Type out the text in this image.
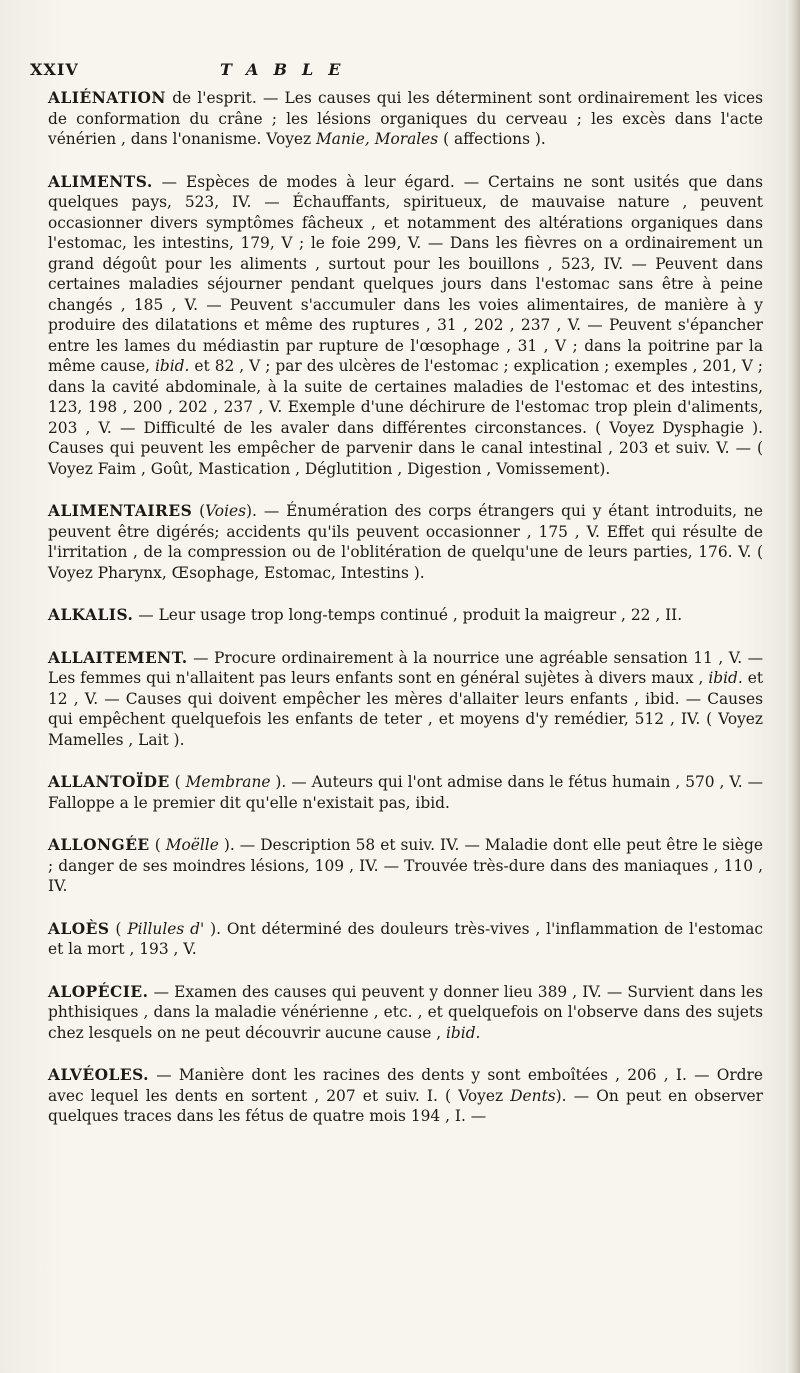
XXIV	TABLE

ALIÉNATION de l'esprit. — Les causes qui les déterminent sont ordinairement les vices de conformation du crâne ; les lésions organiques du cerveau ; les excès dans l'acte vénérien , dans l'onanisme. Voyez Manie, Morales ( affections ).

ALIMENTS. — Espèces de modes à leur égard. — Certains ne sont usités que dans quelques pays, 523, IV. — Échauffants, spiritueux, de mauvaise nature , peuvent occasionner divers symptômes fâcheux , et notamment des altérations organiques dans l'estomac, les intestins, 179, V ; le foie 299, V. — Dans les fièvres on a ordinairement un grand dégoût pour les aliments , surtout pour les bouillons , 523, IV. — Peuvent dans certaines maladies séjourner pendant quelques jours dans l'estomac sans être à peine changés , 185 , V. — Peuvent s'accumuler dans les voies alimentaires, de manière à y produire des dilatations et même des ruptures , 31 , 202 , 237 , V. — Peuvent s'épancher entre les lames du médiastin par rupture de l'œsophage , 31 , V ; dans la poitrine par la même cause, ibid. et 82 , V ; par des ulcères de l'estomac ; explication ; exemples , 201, V ; dans la cavité abdominale, à la suite de certaines maladies de l'estomac et des intestins, 123, 198 , 200 , 202 , 237 , V. Exemple d'une déchirure de l'estomac trop plein d'aliments, 203 , V. — Difficulté de les avaler dans différentes circonstances. ( Voyez Dysphagie ). Causes qui peuvent les empêcher de parvenir dans le canal intestinal , 203 et suiv. V. — ( Voyez Faim , Goût, Mastication , Déglutition , Digestion , Vomissement).

ALIMENTAIRES (Voies). — Énumération des corps étrangers qui y étant introduits, ne peuvent être digérés; accidents qu'ils peuvent occasionner , 175 , V. Effet qui résulte de l'irritation , de la compression ou de l'oblitération de quelqu'une de leurs parties, 176. V. ( Voyez Pharynx, Œsophage, Estomac, Intestins ).

ALKALIS. — Leur usage trop long-temps continué , produit la maigreur , 22 , II.

ALLAITEMENT. — Procure ordinairement à la nourrice une agréable sensation 11 , V. — Les femmes qui n'allaitent pas leurs enfants sont en général sujètes à divers maux , ibid. et 12 , V. — Causes qui doivent empêcher les mères d'allaiter leurs enfants , ibid. — Causes qui empêchent quelquefois les enfants de teter , et moyens d'y remédier, 512 , IV. ( Voyez Mamelles , Lait ).

ALLANTOÏDE ( Membrane ). — Auteurs qui l'ont admise dans le fétus humain , 570 , V. — Falloppe a le premier dit qu'elle n'existait pas, ibid.

ALLONGÉE ( Moëlle ). — Description 58 et suiv. IV. — Maladie dont elle peut être le siège ; danger de ses moindres lésions, 109 , IV. — Trouvée très-dure dans des maniaques , 110 , IV.

ALOÈS ( Pillules d' ). Ont déterminé des douleurs très-vives , l'inflammation de l'estomac et la mort , 193 , V.

ALOPÉCIE. — Examen des causes qui peuvent y donner lieu 389 , IV. — Survient dans les phthisiques , dans la maladie vénérienne , etc. , et quelquefois on l'observe dans des sujets chez lesquels on ne peut découvrir aucune cause , ibid.

ALVÉOLES. — Manière dont les racines des dents y sont emboîtées , 206 , I. — Ordre avec lequel les dents en sortent , 207 et suiv. I. ( Voyez Dents). — On peut en observer quelques traces dans les fétus de quatre mois 194 , I. —
